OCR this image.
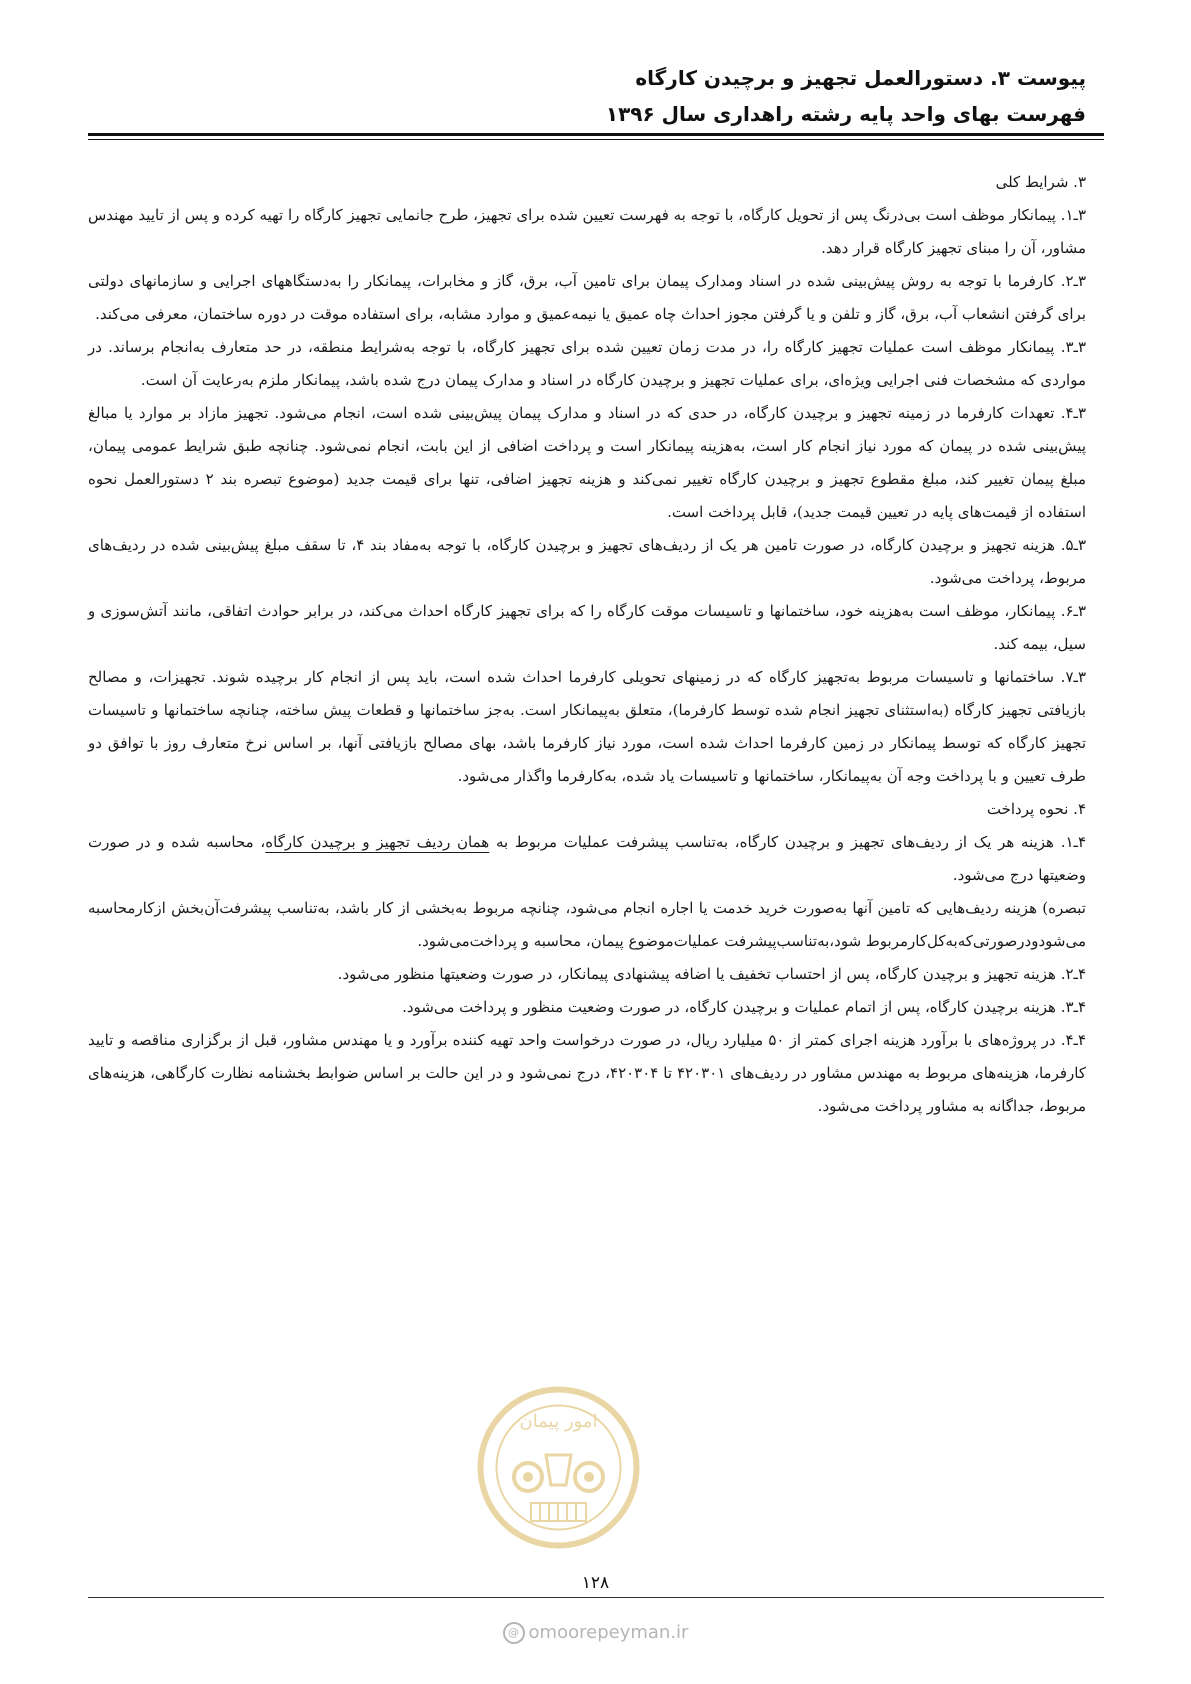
پیوست ۳. دستورالعمل تجهیز و برچیدن کارگاه
فهرست بهای واحد پایه رشته راهداری سال ۱۳۹۶

۳. شرایط کلی

۳ـ۱. پیمانکار موظف است بی‌درنگ پس از تحویل کارگاه، با توجه به فهرست تعیین شده برای تجهیز، طرح جانمایی تجهیز کارگاه را تهیه کرده و پس از تایید مهندس مشاور، آن را مبنای تجهیز کارگاه قرار دهد.

۳ـ۲. کارفرما با توجه به روش پیش‌بینی شده در اسناد ومدارک پیمان برای تامین آب، برق، گاز و مخابرات، پیمانکار را به‌دستگاههای اجرایی و سازمانهای دولتی برای گرفتن انشعاب آب، برق، گاز و تلفن و یا گرفتن مجوز احداث چاه عمیق یا نیمه‌عمیق و موارد مشابه، برای استفاده موقت در دوره ساختمان، معرفی می‌کند.

۳ـ۳. پیمانکار موظف است عملیات تجهیز کارگاه را، در مدت زمان تعیین شده برای تجهیز کارگاه، با توجه به‌شرایط منطقه، در حد متعارف به‌انجام برساند. در مواردی که مشخصات فنی اجرایی ویژه‌ای، برای عملیات تجهیز و برچیدن کارگاه در اسناد و مدارک پیمان درج شده باشد، پیمانکار ملزم به‌رعایت آن است.

۳ـ۴. تعهدات کارفرما در زمینه تجهیز و برچیدن کارگاه، در حدی که در اسناد و مدارک پیمان پیش‌بینی شده است، انجام می‌شود. تجهیز مازاد بر موارد یا مبالغ پیش‌بینی شده در پیمان که مورد نیاز انجام کار است، به‌هزینه پیمانکار است و پرداخت اضافی از این بابت، انجام نمی‌شود. چنانچه طبق شرایط عمومی پیمان، مبلغ پیمان تغییر کند، مبلغ مقطوع تجهیز و برچیدن کارگاه تغییر نمی‌کند و هزینه تجهیز اضافی، تنها برای قیمت جدید (موضوع تبصره بند ۲ دستورالعمل نحوه استفاده از قیمت‌های پایه در تعیین قیمت جدید)، قابل پرداخت است.

۳ـ۵. هزینه تجهیز و برچیدن کارگاه، در صورت تامین هر یک از ردیف‌های تجهیز و برچیدن کارگاه، با توجه به‌مفاد بند ۴، تا سقف مبلغ پیش‌بینی شده در ردیف‌های مربوط، پرداخت می‌شود.

۳ـ۶. پیمانکار، موظف است به‌هزینه خود، ساختمانها و تاسیسات موقت کارگاه را که برای تجهیز کارگاه احداث می‌کند، در برابر حوادث اتفاقی، مانند آتش‌سوزی و سیل، بیمه کند.

۳ـ۷. ساختمانها و تاسیسات مربوط به‌تجهیز کارگاه که در زمینهای تحویلی کارفرما احداث شده است، باید پس از انجام کار برچیده شوند. تجهیزات، و مصالح بازیافتی تجهیز کارگاه (به‌استثنای تجهیز انجام شده توسط کارفرما)، متعلق به‌پیمانکار است. به‌جز ساختمانها و قطعات پیش ساخته، چنانچه ساختمانها و تاسیسات تجهیز کارگاه که توسط پیمانکار در زمین کارفرما احداث شده است، مورد نیاز کارفرما باشد، بهای مصالح بازیافتی آنها، بر اساس نرخ متعارف روز با توافق دو طرف تعیین و با پرداخت وجه آن به‌پیمانکار، ساختمانها و تاسیسات یاد شده، به‌کارفرما واگذار می‌شود.

۴. نحوه پرداخت

۴ـ۱. هزینه هر یک از ردیف‌های تجهیز و برچیدن کارگاه، به‌تناسب پیشرفت عملیات مربوط به همان ردیف تجهیز و برچیدن کارگاه، محاسبه شده و در صورت وضعیتها درج می‌شود.

تبصره) هزینه ردیف‌هایی که تامین آنها به‌صورت خرید خدمت یا اجاره انجام می‌شود، چنانچه مربوط به‌بخشی از کار باشد، به‌تناسب پیشرفت‌آن‌بخش ازکارمحاسبه می‌شودودرصورتی‌که‌به‌کل‌کارمربوط شود،به‌تناسب‌پیشرفت عملیات‌موضوع پیمان، محاسبه و پرداخت‌می‌شود.

۴ـ۲. هزینه تجهیز و برچیدن کارگاه، پس از احتساب تخفیف یا اضافه پیشنهادی پیمانکار، در صورت وضعیتها منظور می‌شود.

۴ـ۳. هزینه برچیدن کارگاه، پس از اتمام عملیات و برچیدن کارگاه، در صورت وضعیت منظور و پرداخت می‌شود.

۴ـ۴. در پروژه‌های با برآورد هزینه اجرای کمتر از ۵۰ میلیارد ریال، در صورت درخواست واحد تهیه کننده برآورد و یا مهندس مشاور، قبل از برگزاری مناقصه و تایید کارفرما، هزینه‌های مربوط به مهندس مشاور در ردیف‌های ۴۲۰۳۰۱ تا ۴۲۰۳۰۴، درج نمی‌شود و در این حالت بر اساس ضوابط بخشنامه نظارت کارگاهی، هزینه‌های مربوط، جداگانه به مشاور پرداخت می‌شود.

امور پیمان
۱۲۸
@ omoorepeyman.ir
